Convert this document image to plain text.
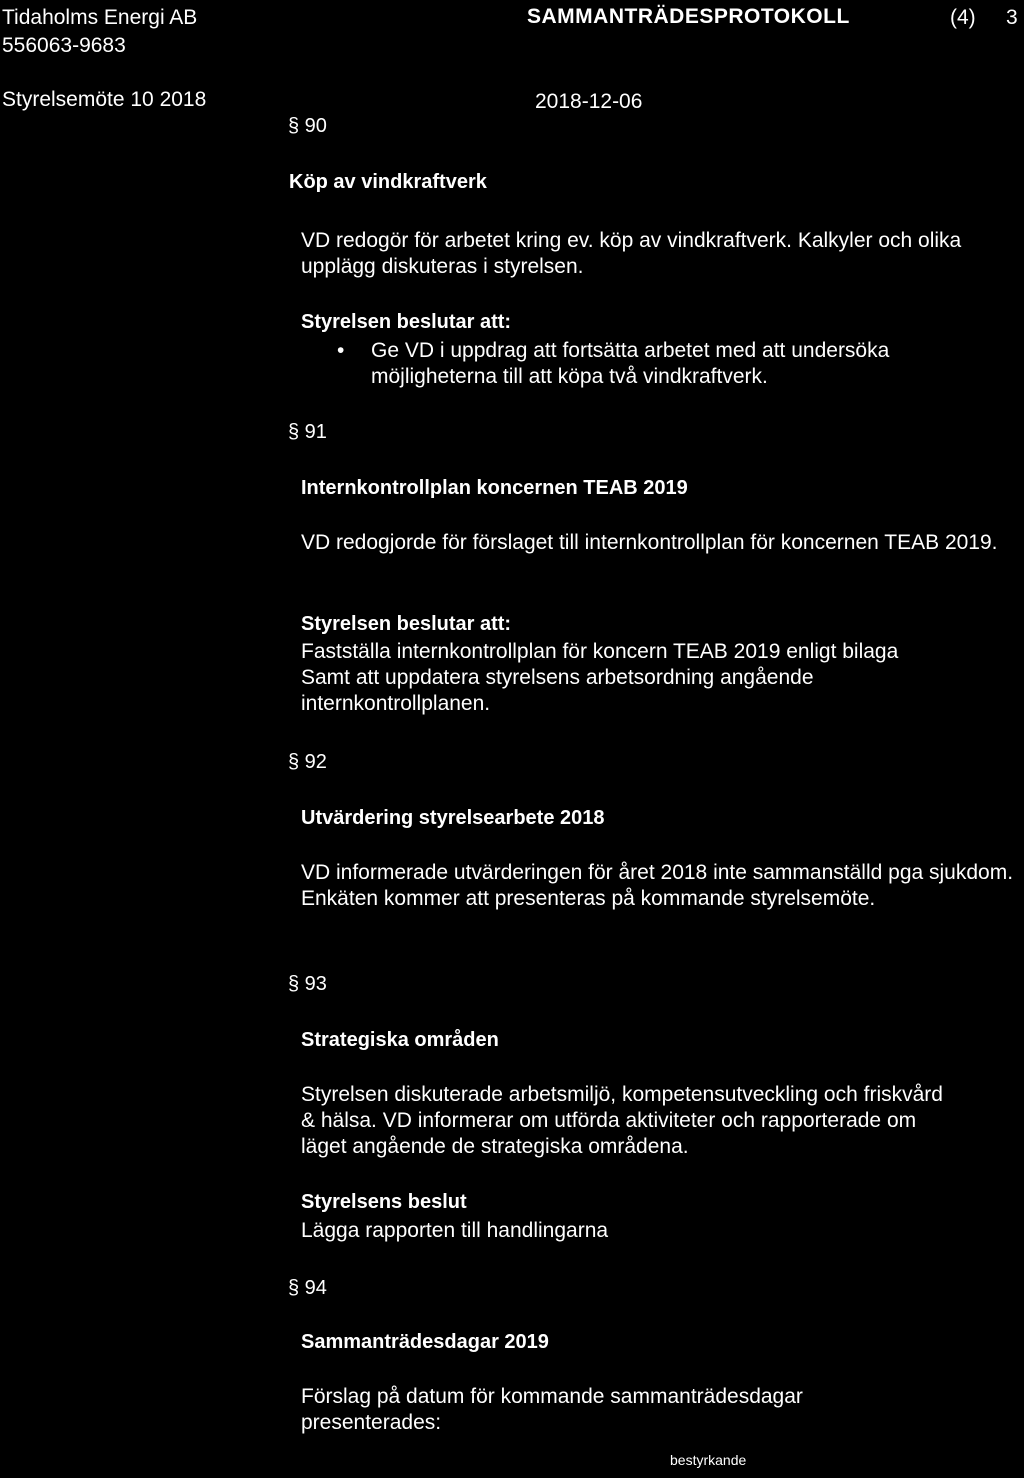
Tidaholms Energi AB
556063-9683
SAMMANTRÄDESPROTOKOLL	(4) 3
Styrelsemöte 10 2018	2018-12-06
§ 90
Köp av vindkraftverk
VD redogör för arbetet kring ev. köp av vindkraftverk. Kalkyler och olika upplägg diskuteras i styrelsen.
Styrelsen beslutar att:
• Ge VD i uppdrag att fortsätta arbetet med att undersöka möjligheterna till att köpa två vindkraftverk.
§ 91
Internkontrollplan koncernen TEAB 2019
VD redogjorde för förslaget till internkontrollplan för koncernen TEAB 2019.
Styrelsen beslutar att:
Fastställa internkontrollplan för koncern TEAB 2019 enligt bilaga
Samt att uppdatera styrelsens arbetsordning angående internkontrollplanen.
§ 92
Utvärdering styrelsearbete 2018
VD informerade utvärderingen för året 2018 inte sammanställd pga sjukdom. Enkäten kommer att presenteras på kommande styrelsemöte.
§ 93
Strategiska områden
Styrelsen diskuterade arbetsmiljö, kompetensutveckling och friskvård & hälsa. VD informerar om utförda aktiviteter och rapporterade om läget angående de strategiska områdena.
Styrelsens beslut
Lägga rapporten till handlingarna
§ 94
Sammanträdesdagar 2019
Förslag på datum för kommande sammanträdesdagar presenterades:
bestyrkande
